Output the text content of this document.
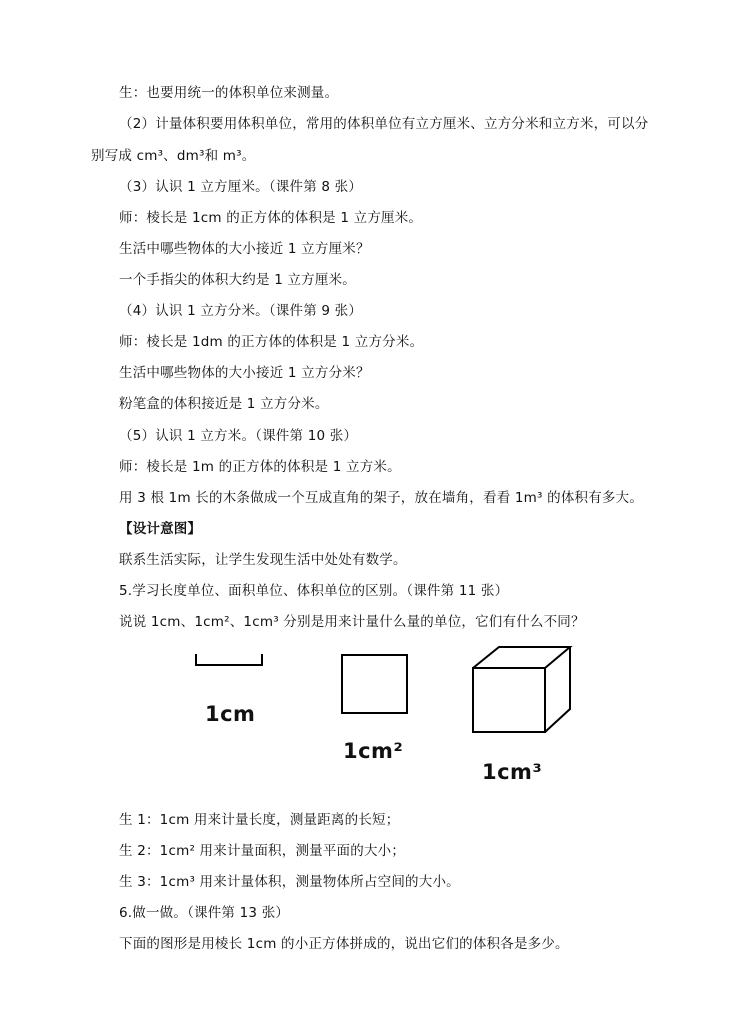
生：也要用统一的体积单位来测量。
（2）计量体积要用体积单位，常用的体积单位有立方厘米、立方分米和立方米，可以分
别写成 cm³、dm³和 m³。
（3）认识 1 立方厘米。（课件第 8 张）
师：棱长是 1cm 的正方体的体积是 1 立方厘米。
生活中哪些物体的大小接近 1 立方厘米？
一个手指尖的体积大约是 1 立方厘米。
（4）认识 1 立方分米。（课件第 9 张）
师：棱长是 1dm 的正方体的体积是 1 立方分米。
生活中哪些物体的大小接近 1 立方分米？
粉笔盒的体积接近是 1 立方分米。
（5）认识 1 立方米。（课件第 10 张）
师：棱长是 1m 的正方体的体积是 1 立方米。
用 3 根 1m 长的木条做成一个互成直角的架子，放在墙角，看看 1m³ 的体积有多大。
【设计意图】
联系生活实际，让学生发现生活中处处有数学。
5.学习长度单位、面积单位、体积单位的区别。（课件第 11 张）
说说 1cm、1cm²、1cm³ 分别是用来计量什么量的单位，它们有什么不同？
1cm
1cm²
1cm³
生 1：1cm 用来计量长度，测量距离的长短；
生 2：1cm² 用来计量面积，测量平面的大小；
生 3：1cm³ 用来计量体积，测量物体所占空间的大小。
6.做一做。（课件第 13 张）
下面的图形是用棱长 1cm 的小正方体拼成的，说出它们的体积各是多少。
